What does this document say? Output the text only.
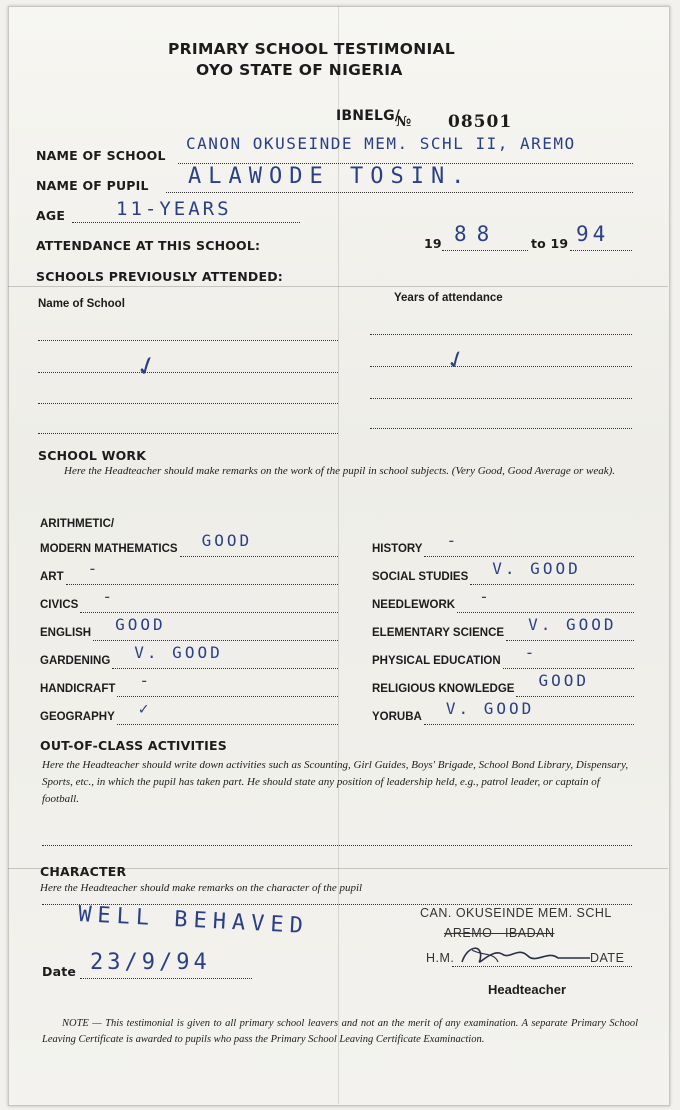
PRIMARY SCHOOL TESTIMONIAL
OYO STATE OF NIGERIA
IBNELG/
№ 08501
NAME OF SCHOOL
CANON OKUSEINDE MEM. SCHL II, AREMO
NAME OF PUPIL ALAWODE TOSIN.
AGE	11-YEARS
ATTENDANCE AT THIS SCHOOL:	19 88	to 19 94
SCHOOLS PREVIOUSLY ATTENDED:
Name of School	Years of attendance
✓	✓
SCHOOL WORK
Here the Headteacher should make remarks on the work of the pupil in school subjects. (Very Good, Good Average or weak).
ARITHMETIC/
MODERN MATHEMATICS GOOD
ART -
CIVICS -
ENGLISH GOOD
GARDENING V. GOOD
HANDICRAFT -
GEOGRAPHY ✓
HISTORY -
SOCIAL STUDIES V. GOOD
NEEDLEWORK -
ELEMENTARY SCIENCE V. GOOD
PHYSICAL EDUCATION -
RELIGIOUS KNOWLEDGE GOOD
YORUBA V. GOOD
OUT-OF-CLASS ACTIVITIES
Here the Headteacher should write down activities such as Scounting, Girl Guides, Boys' Brigade, School Bond Library, Dispensary, Sports, etc., in which the pupil has taken part. He should state any position of leadership held, e.g., patrol leader, or captain of football.
CHARACTER
Here the Headteacher should make remarks on the character of the pupil
WELL BEHAVED	CAN. OKUSEINDE MEM. SCHL
AREMO - IBADAN
H.M.	DATE
Headteacher
Date 23/9/94
NOTE — This testimonial is given to all primary school leavers and not an the merit of any examination. A separate Primary School Leaving Certificate is awarded to pupils who pass the Primary School Leaving Certificate Examinaction.
